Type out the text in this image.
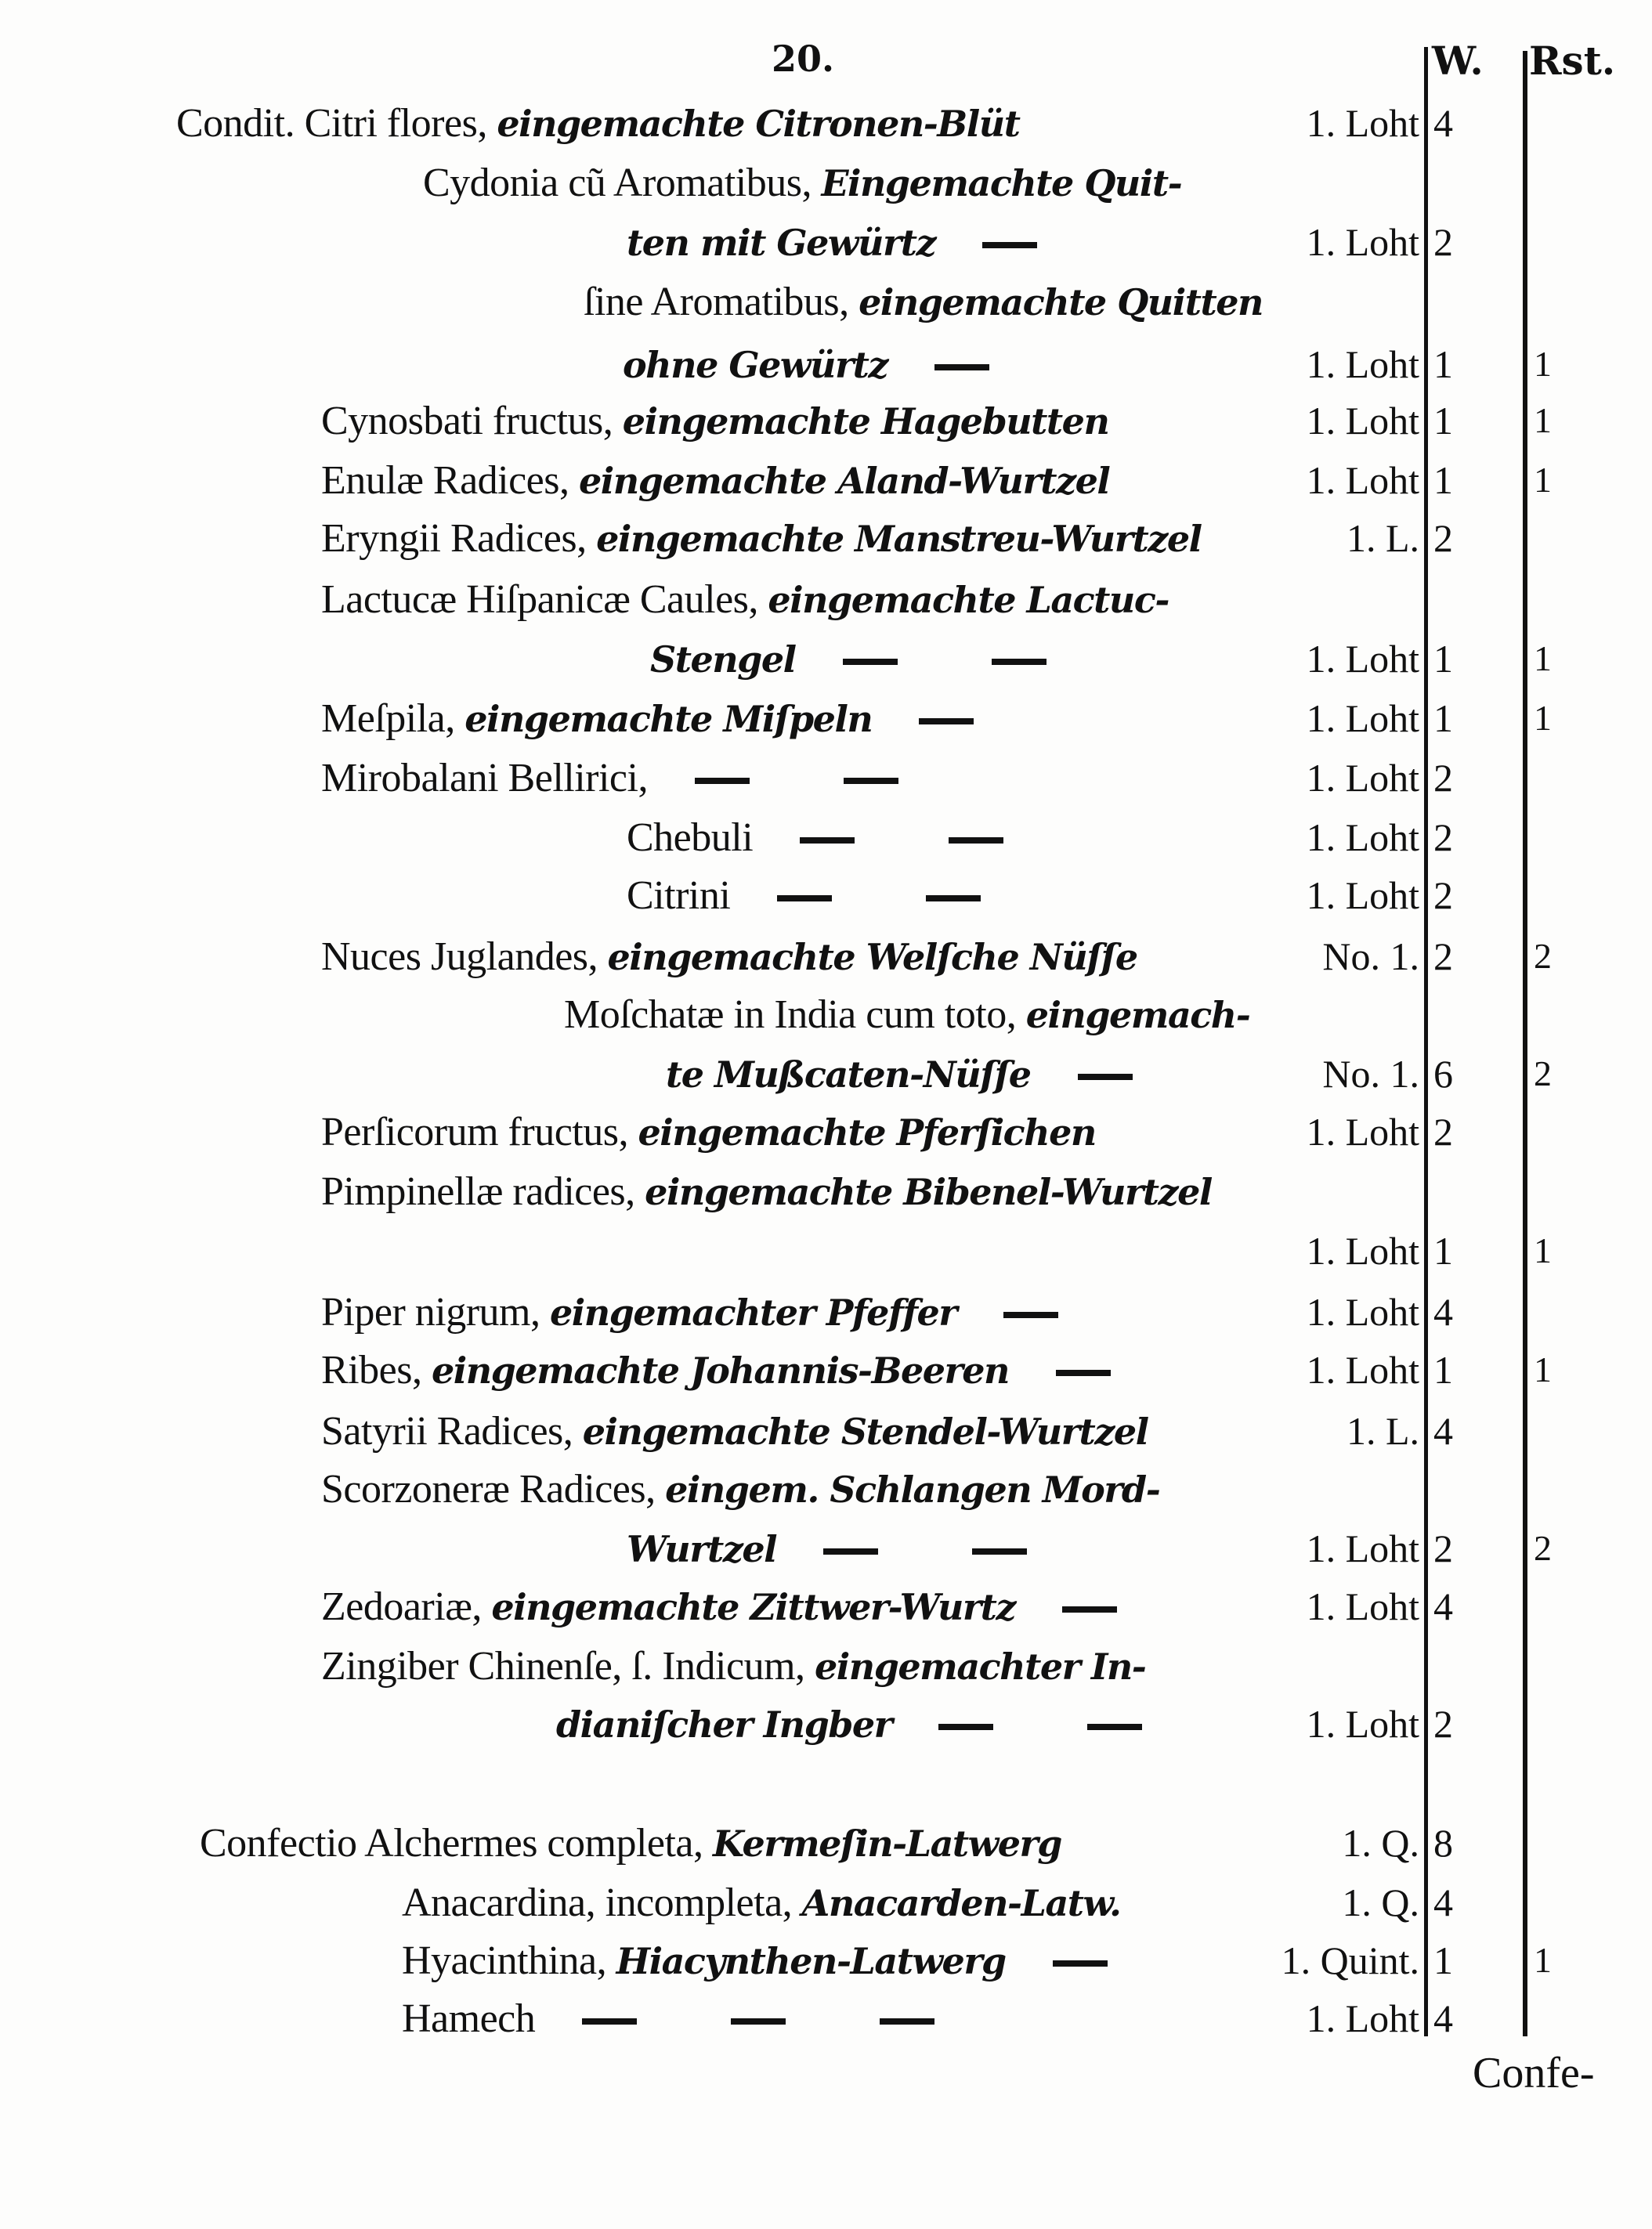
20.	W. Rst.
Condit. Citri flores, eingemachte Citronen-Blüt	1. Loht 4
Cydonia cũ Aromatibus, Eingemachte Quit-
ten mit Gewürtz	1. Loht 2
ſine Aromatibus, eingemachte Quitten
ohne Gewürtz	1. Loht 1 1
Cynosbati fructus, eingemachte Hagebutten	1. Loht 1 1
Enulæ Radices, eingemachte Aland-Wurtzel	1. Loht 1 1
Eryngii Radices, eingemachte Manstreu-Wurtzel	1. L. 2
Lactucæ Hiſpanicæ Caules, eingemachte Lactuc-
Stengel	1. Loht 1 1
Meſpila, eingemachte Miſpeln	1. Loht 1 1
Mirobalani Bellirici,	1. Loht 2
Chebuli	1. Loht 2
Citrini	1. Loht 2
Nuces Juglandes, eingemachte Welſche Nüſſe	No. 1. 2 2
Moſchatæ in India cum toto, eingemach-
te Mußcaten-Nüſſe	No. 1. 6 2
Perſicorum fructus, eingemachte Pferſichen	1. Loht 2
Pimpinellæ radices, eingemachte Bibenel-Wurtzel
1. Loht 1 1
Piper nigrum, eingemachter Pfeffer	1. Loht 4
Ribes, eingemachte Johannis-Beeren	1. Loht 1 1
Satyrii Radices, eingemachte Stendel-Wurtzel	1. L. 4
Scorzoneræ Radices, eingem. Schlangen Mord-
Wurtzel	1. Loht 2 2
Zedoariæ, eingemachte Zittwer-Wurtz	1. Loht 4
Zingiber Chinenſe, ſ. Indicum, eingemachter In-
dianiſcher Ingber	1. Loht 2
Confectio Alchermes completa, Kermeſin-Latwerg	1. Q. 8
Anacardina, incompleta, Anacarden-Latw.	1. Q. 4
Hyacinthina, Hiacynthen-Latwerg	1. Quint. 1 1
Hamech	1. Loht 4
Confe-
